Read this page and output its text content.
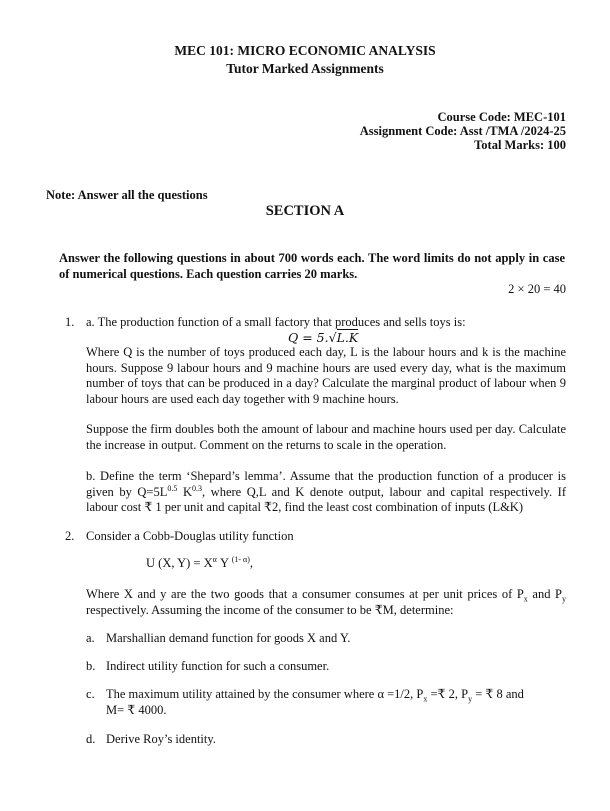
MEC 101: MICRO ECONOMIC ANALYSIS
Tutor Marked Assignments
Course Code: MEC-101
Assignment Code: Asst /TMA /2024-25
Total Marks: 100
Note: Answer all the questions
SECTION A
Answer the following questions in about 700 words each. The word limits do not apply in case of numerical questions. Each question carries 20 marks.
2 × 20 = 40
1. a. The production function of a small factory that produces and sells toys is:
Q = 5.√L.K
Where Q is the number of toys produced each day, L is the labour hours and k is the machine hours. Suppose 9 labour hours and 9 machine hours are used every day, what is the maximum number of toys that can be produced in a day? Calculate the marginal product of labour when 9 labour hours are used each day together with 9 machine hours.
Suppose the firm doubles both the amount of labour and machine hours used per day. Calculate the increase in output. Comment on the returns to scale in the operation.
b. Define the term ‘Shepard’s lemma’. Assume that the production function of a producer is given by $Q=5L^{0.5}$ $K^{0.3}$, where Q,L and K denote output, labour and capital respectively. If labour cost ₹ 1 per unit and capital ₹2, find the least cost combination of inputs (L&K)
2. Consider a Cobb-Douglas utility function
U (X, $Y) = X^\alpha$ Y $^{(1- \alpha)}$,
Where X and y are the two goods that a consumer consumes at per unit prices of $P_x$ and $P_y$ respectively. Assuming the income of the consumer to be ₹M, determine:
a. Marshallian demand function for goods X and Y.
b. Indirect utility function for such a consumer.
c. The maximum utility attained by the consumer where α =1/2, $P_x$ =₹ 2, $P_y$ = ₹ 8 and
M= ₹ 4000.
d. Derive Roy’s identity.
